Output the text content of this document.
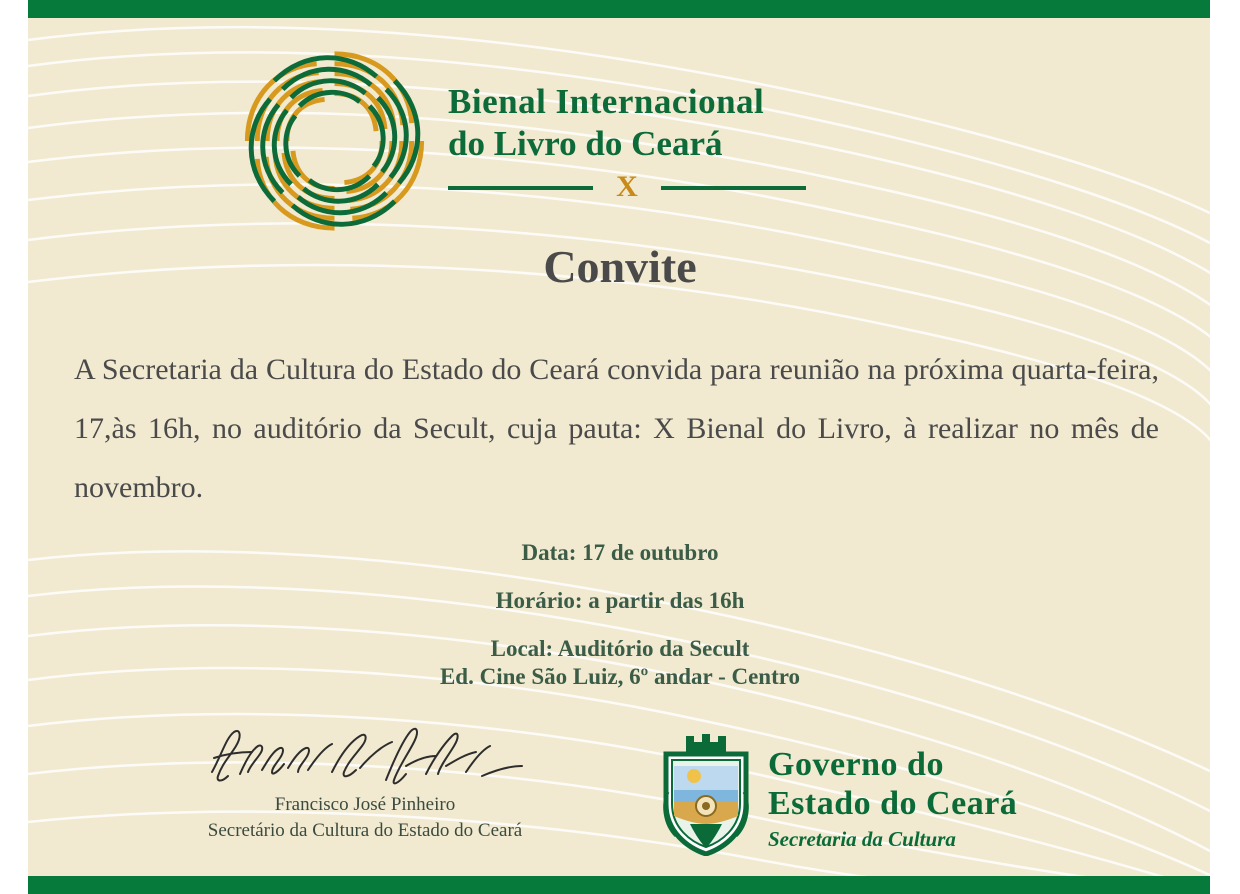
Bienal Internacional
do Livro do Ceará
X
Convite
A Secretaria da Cultura do Estado do Ceará convida para reunião na próxima quarta-feira, 17,às 16h, no auditório da Secult, cuja pauta: X Bienal do Livro, à realizar no mês de novembro.
Data: 17 de outubro
Horário: a partir das 16h
Local: Auditório da Secult
Ed. Cine São Luiz, 6º andar - Centro
Francisco José Pinheiro
Secretário da Cultura do Estado do Ceará
Governo do
Estado do Ceará
Secretaria da Cultura
